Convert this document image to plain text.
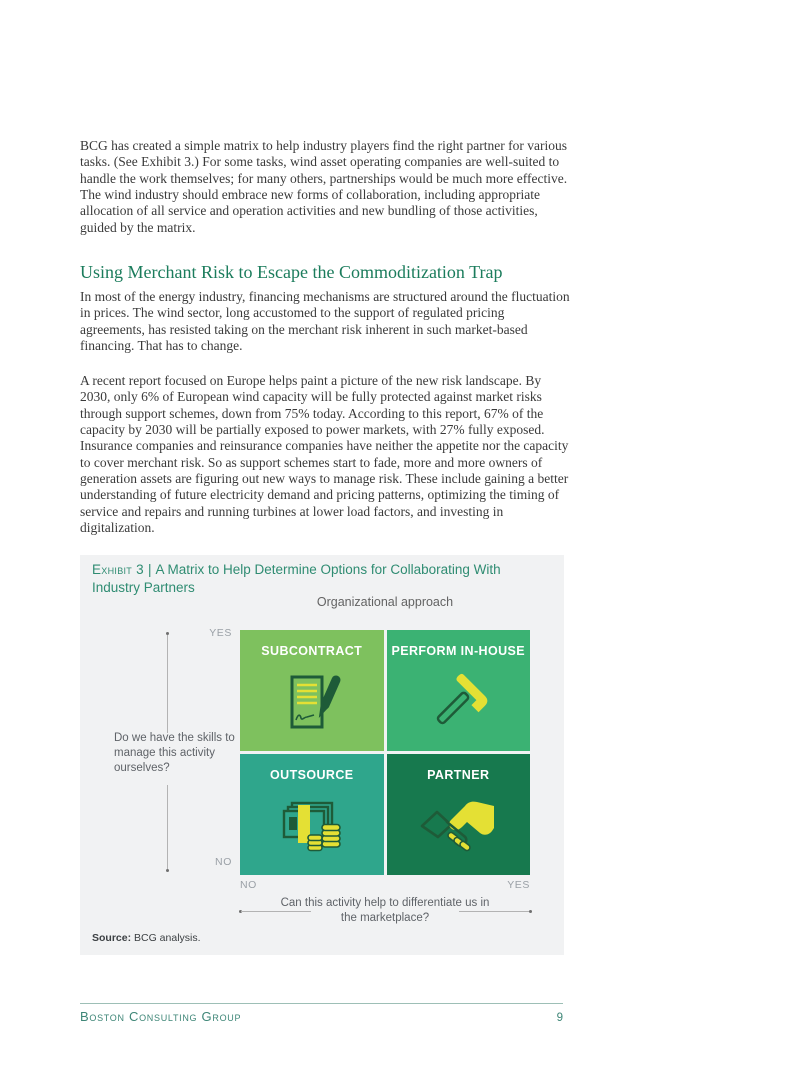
BCG has created a simple matrix to help industry players find the right partner for various tasks. (See Exhibit 3.) For some tasks, wind asset operating companies are well-suited to handle the work themselves; for many others, partnerships would be much more effective. The wind industry should embrace new forms of collaboration, including appropriate allocation of all service and operation activities and new bundling of those activities, guided by the matrix.

Using Merchant Risk to Escape the Commoditization Trap

In most of the energy industry, financing mechanisms are structured around the fluctuation in prices. The wind sector, long accustomed to the support of regulated pricing agreements, has resisted taking on the merchant risk inherent in such market-based financing. That has to change.

A recent report focused on Europe helps paint a picture of the new risk landscape. By 2030, only 6% of European wind capacity will be fully protected against market risks through support schemes, down from 75% today. According to this report, 67% of the capacity by 2030 will be partially exposed to power markets, with 27% fully exposed. Insurance companies and reinsurance companies have neither the appetite nor the capacity to cover merchant risk. So as support schemes start to fade, more and more owners of generation assets are figuring out new ways to manage risk. These include gaining a better understanding of future electricity demand and pricing patterns, optimizing the timing of service and repairs and running turbines at lower load factors, and investing in digitalization.

Exhibit 3 | A Matrix to Help Determine Options for Collaborating With Industry Partners
Organizational approach
Do we have the skills to manage this activity ourselves?
YES
NO
SUBCONTRACT	PERFORM IN-HOUSE
OUTSOURCE	PARTNER
NO	YES
Can this activity help to differentiate us in the marketplace?
Source: BCG analysis.
Boston Consulting Group	9
